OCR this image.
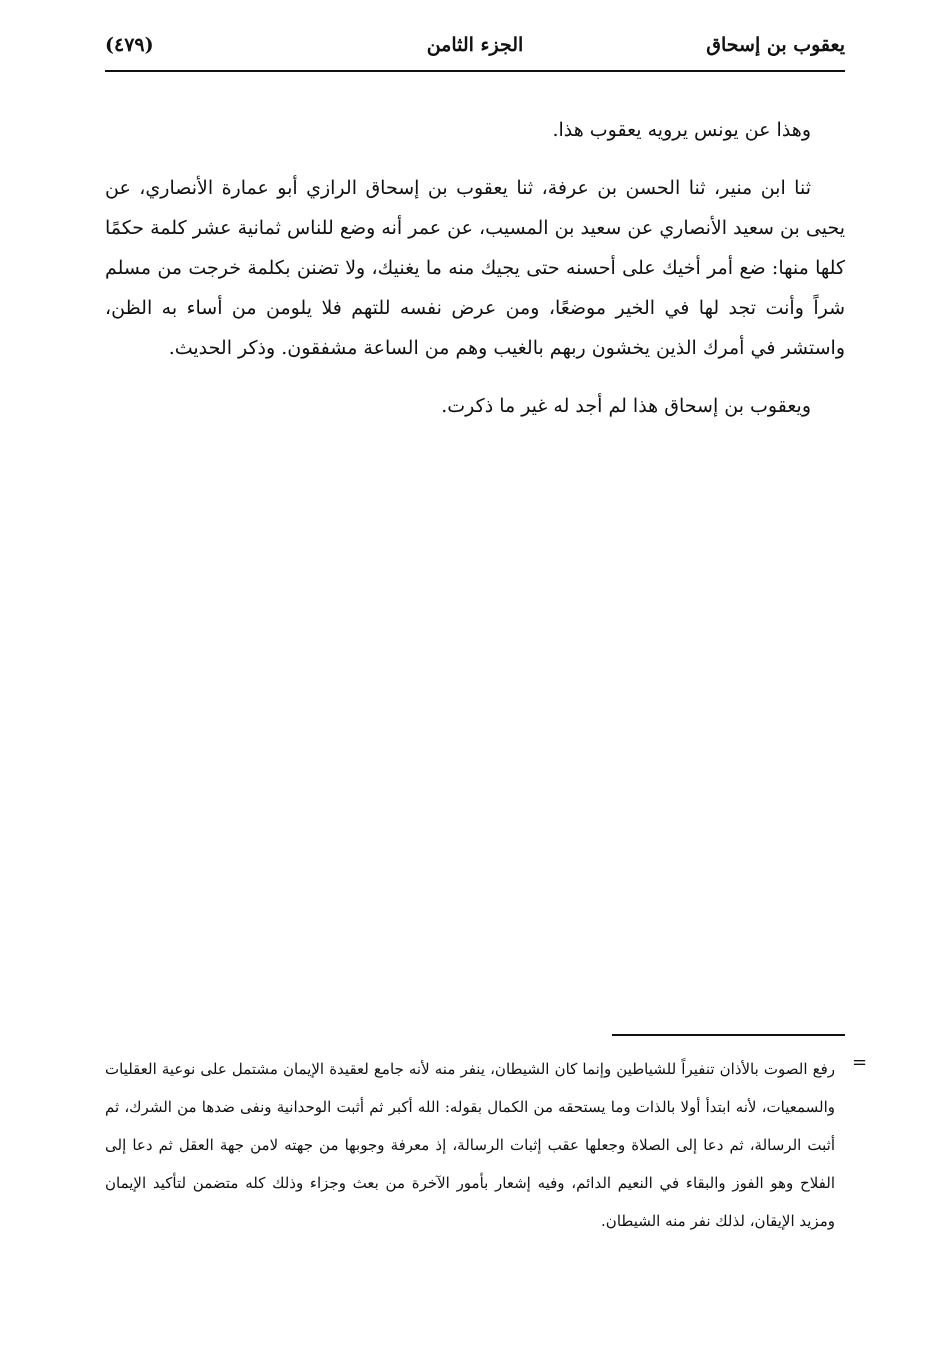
يعقوب بن إسحاق
الجزء الثامن
(٤٧٩)

وهذا عن يونس يرويه يعقوب هذا.

ثنا ابن منير، ثنا الحسن بن عرفة، ثنا يعقوب بن إسحاق الرازي أبو عمارة الأنصاري، عن يحيى بن سعيد الأنصاري عن سعيد بن المسيب، عن عمر أنه وضع للناس ثمانية عشر كلمة حكمًا كلها منها: ضع أمر أخيك على أحسنه حتى يجيك منه ما يغنيك، ولا تضنن بكلمة خرجت من مسلم شراً وأنت تجد لها في الخير موضعًا، ومن عرض نفسه للتهم فلا يلومن من أساء به الظن، واستشر في أمرك الذين يخشون ربهم بالغيب وهم من الساعة مشفقون. وذكر الحديث.

ويعقوب بن إسحاق هذا لم أجد له غير ما ذكرت.

=
رفع الصوت بالأذان تنفيراً للشياطين وإنما كان الشيطان، ينفر منه لأنه جامع لعقيدة الإيمان مشتمل على نوعية العقليات والسمعيات، لأنه ابتدأ أولا بالذات وما يستحقه من الكمال بقوله: الله أكبر ثم أثبت الوحدانية ونفى ضدها من الشرك، ثم أثبت الرسالة، ثم دعا إلى الصلاة وجعلها عقب إثبات الرسالة، إذ معرفة وجوبها من جهته لامن جهة العقل ثم دعا إلى الفلاح وهو الفوز والبقاء في النعيم الدائم، وفيه إشعار بأمور الآخرة من بعث وجزاء وذلك كله متضمن لتأكيد الإيمان ومزيد الإيقان، لذلك نفر منه الشيطان.
